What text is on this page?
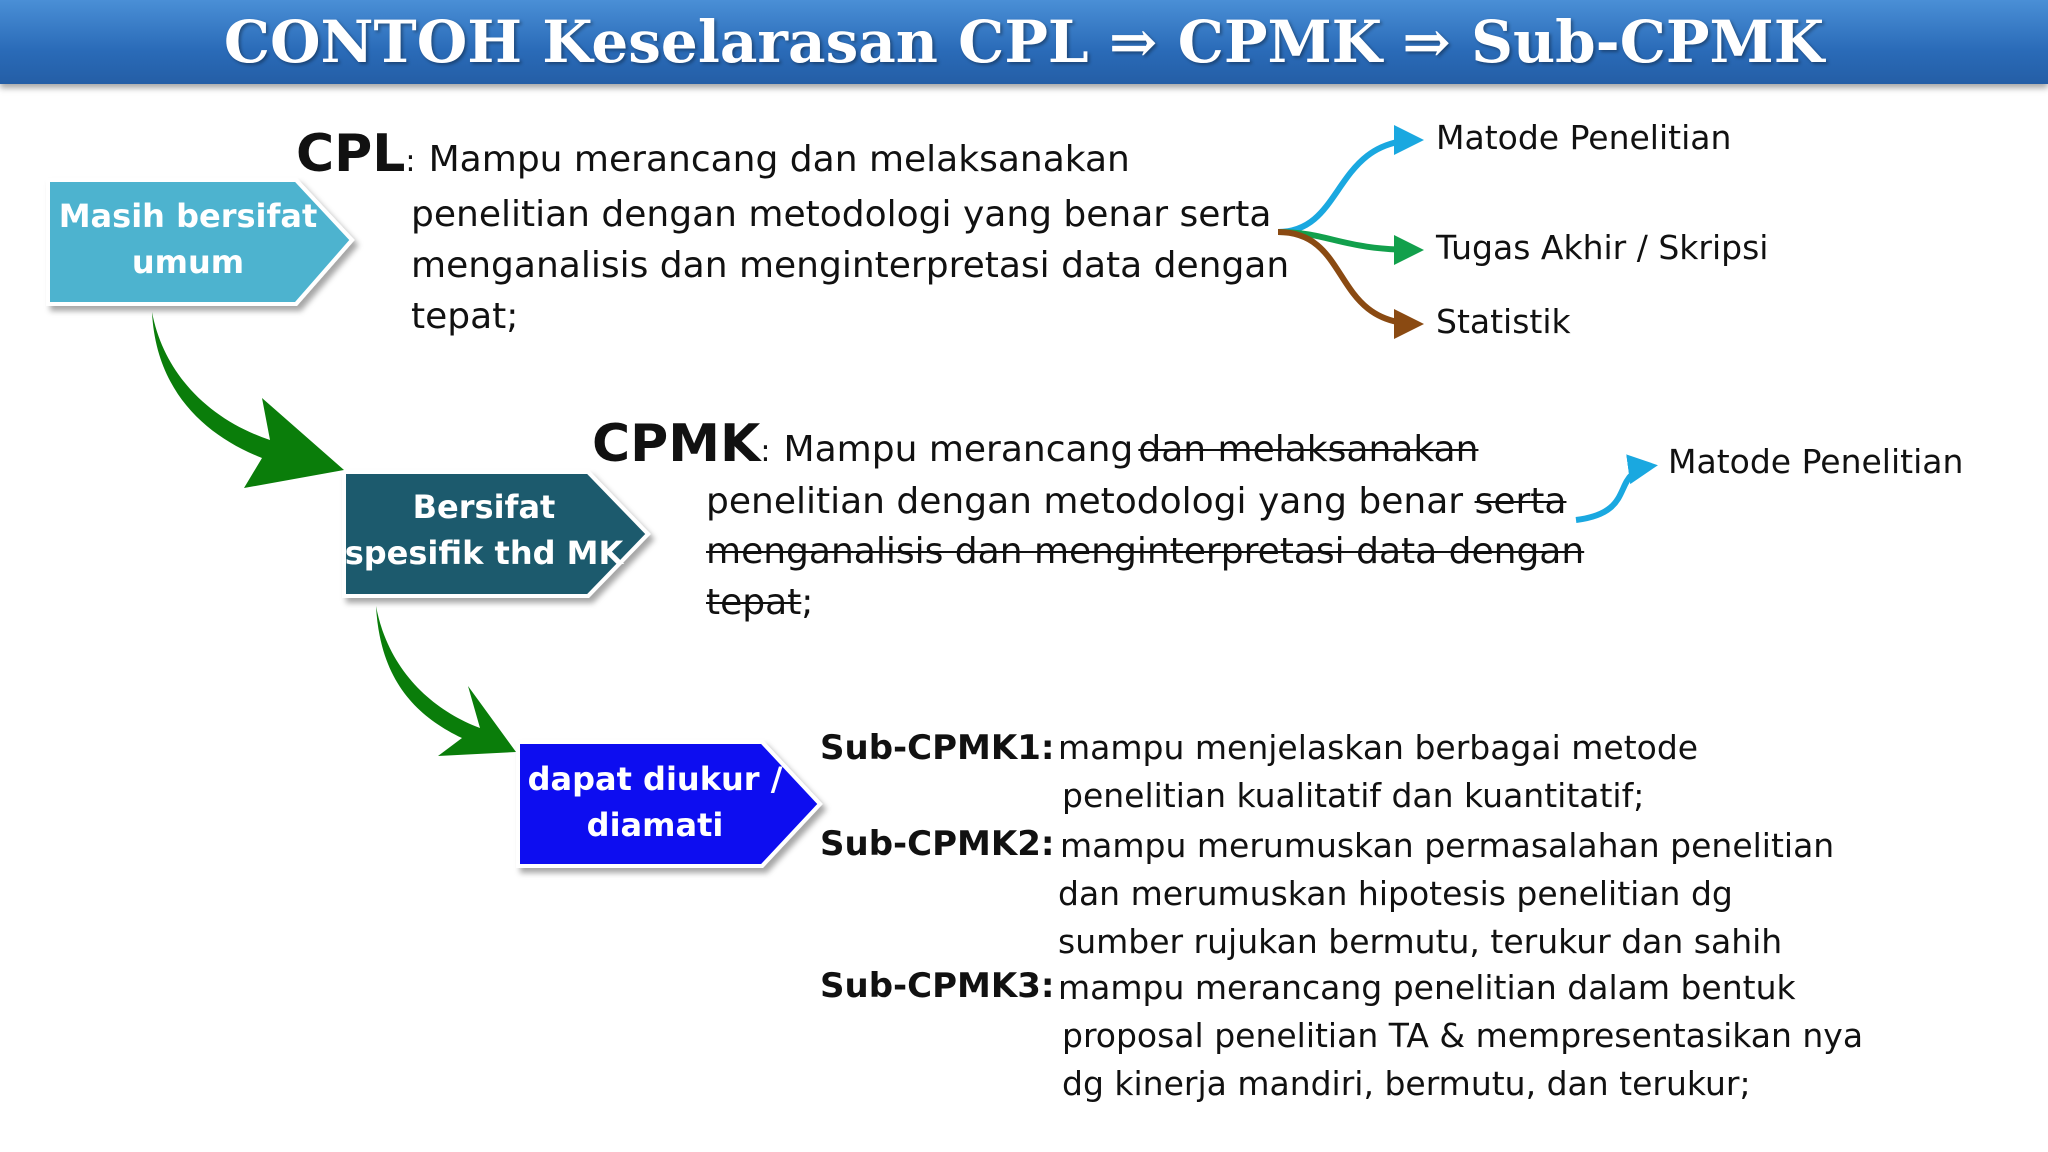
CONTOH Keselarasan CPL ⇒ CPMK ⇒ Sub-CPMK
Masih bersifat
umum
Bersifat
spesifik thd MK
dapat diukur /
diamati
CPL: Mampu merancang dan melaksanakan
penelitian dengan metodologi yang benar serta
menganalisis dan menginterpretasi data dengan
tepat;
Matode Penelitian
Tugas Akhir / Skripsi
Statistik
CPMK: Mampu merancang dan melaksanakan
penelitian dengan metodologi yang benar serta
menganalisis dan menginterpretasi data dengan
tepat;
Matode Penelitian
Sub-CPMK1: mampu menjelaskan berbagai metode
penelitian kualitatif dan kuantitatif;
Sub-CPMK2: mampu merumuskan permasalahan penelitian
dan merumuskan hipotesis penelitian dg
sumber rujukan bermutu, terukur dan sahih
Sub-CPMK3: mampu merancang penelitian dalam bentuk
proposal penelitian TA & mempresentasikan nya
dg kinerja mandiri, bermutu, dan terukur;
